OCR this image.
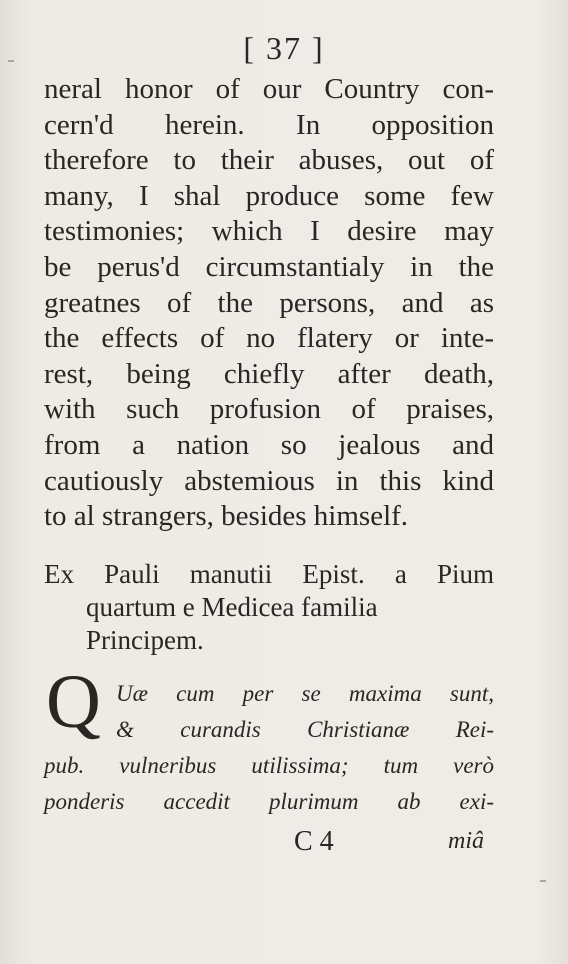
[ 37 ]
neral honor of our Country con-
cern'd herein. In opposition
therefore to their abuses, out of
many, I shal produce some few
testimonies; which I desire may
be perus'd circumstantialy in the
greatnes of the persons, and as
the effects of no flatery or inte-
rest, being chiefly after death,
with such profusion of praises,
from a nation so jealous and
cautiously abstemious in this kind
to al strangers, besides himself.
Ex Pauli manutii Epist. a Pium
quartum e Medicea familia
Principem.
Q Uæ cum per se maxima sunt,
& curandis Christianæ Rei-
pub. vulneribus utilissima; tum verò
ponderis accedit plurimum ab exi-
C 4	miâ
